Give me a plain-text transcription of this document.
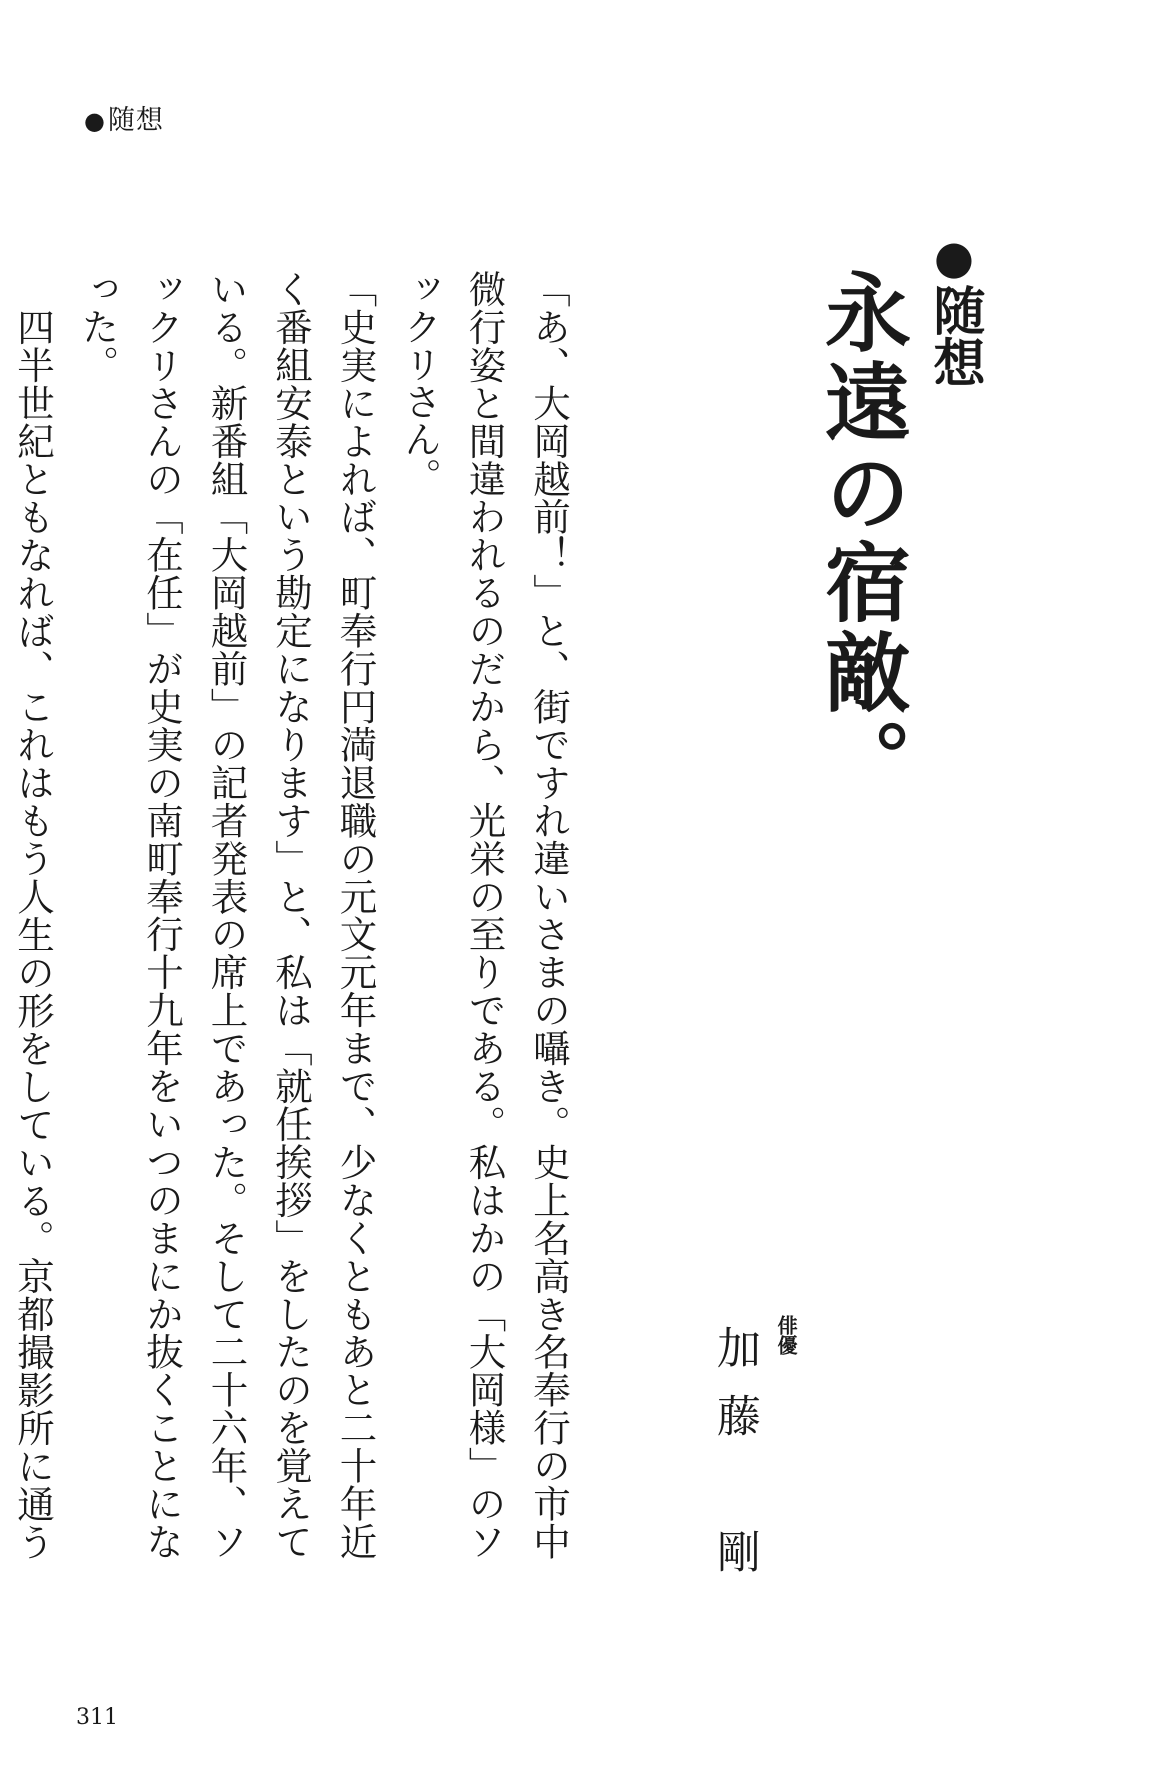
●随想
●随想
永遠の宿敵。
俳優
加藤　剛

「あ、大岡越前！」と、街ですれ違いさまの囁き。史上名高き名奉行の市中微行姿と間違われるのだから、光栄の至りである。私はかの「大岡様」のソックリさん。

「史実によれば、町奉行円満退職の元文元年まで、少なくともあと二十年近く番組安泰という勘定になります」と、私は「就任挨拶」をしたのを覚えている。新番組「大岡越前」の記者発表の席上であった。そして二十六年、ソックリさんの「在任」が史実の南町奉行十九年をいつのまにか抜くことになった。

四半世紀ともなれば、これはもう人生の形をしている。京都撮影所に通う

311
